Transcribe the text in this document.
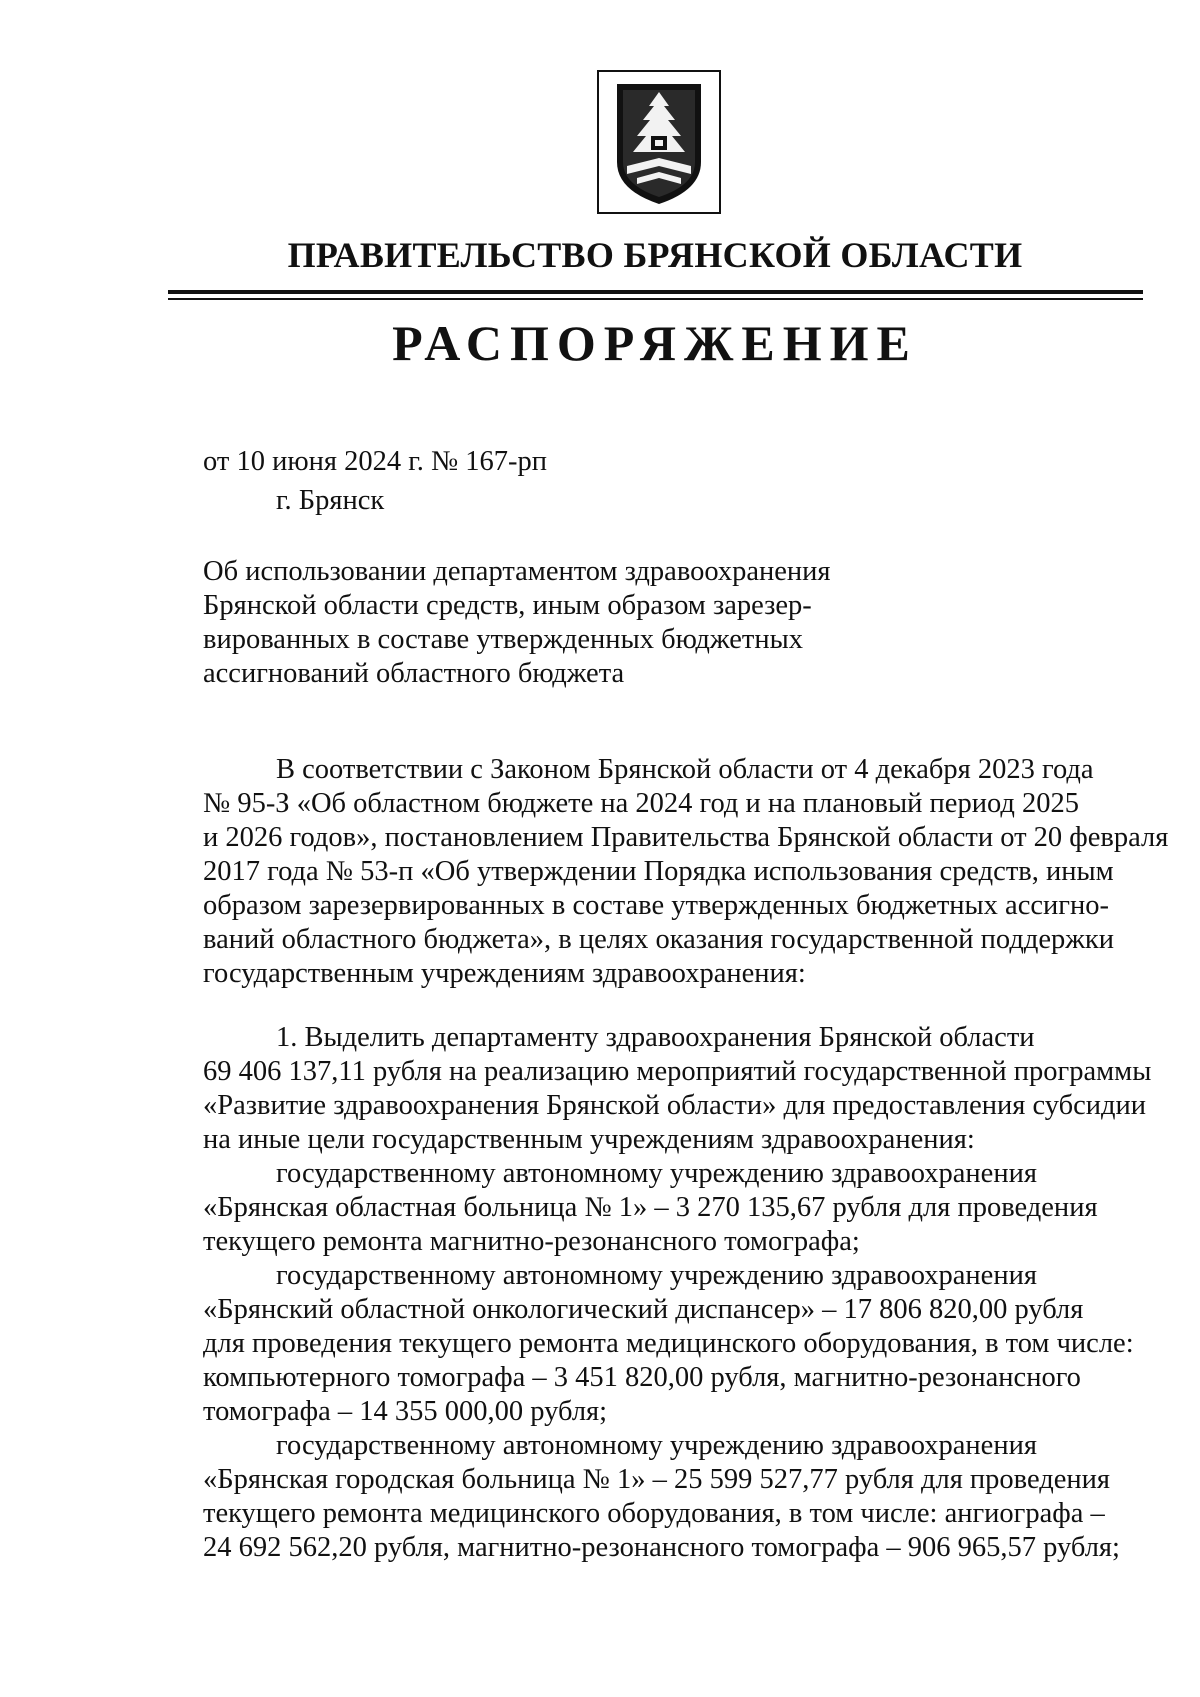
ПРАВИТЕЛЬСТВО БРЯНСКОЙ ОБЛАСТИ
РАСПОРЯЖЕНИЕ
от 10 июня 2024 г. № 167-рп
г. Брянск
Об использовании департаментом здравоохранения
Брянской области средств, иным образом зарезер-
вированных в составе утвержденных бюджетных
ассигнований областного бюджета
В соответствии с Законом Брянской области от 4 декабря 2023 года
№ 95-З «Об областном бюджете на 2024 год и на плановый период 2025
и 2026 годов», постановлением Правительства Брянской области от 20 февраля
2017 года № 53-п «Об утверждении Порядка использования средств, иным
образом зарезервированных в составе утвержденных бюджетных ассигно-
ваний областного бюджета», в целях оказания государственной поддержки
государственным учреждениям здравоохранения:
1. Выделить департаменту здравоохранения Брянской области
69 406 137,11 рубля на реализацию мероприятий государственной программы
«Развитие здравоохранения Брянской области» для предоставления субсидии
на иные цели государственным учреждениям здравоохранения:
государственному автономному учреждению здравоохранения
«Брянская областная больница № 1» – 3 270 135,67 рубля для проведения
текущего ремонта магнитно-резонансного томографа;
государственному автономному учреждению здравоохранения
«Брянский областной онкологический диспансер» – 17 806 820,00 рубля
для проведения текущего ремонта медицинского оборудования, в том числе:
компьютерного томографа – 3 451 820,00 рубля, магнитно-резонансного
томографа – 14 355 000,00 рубля;
государственному автономному учреждению здравоохранения
«Брянская городская больница № 1» – 25 599 527,77 рубля для проведения
текущего ремонта медицинского оборудования, в том числе: ангиографа –
24 692 562,20 рубля, магнитно-резонансного томографа – 906 965,57 рубля;
